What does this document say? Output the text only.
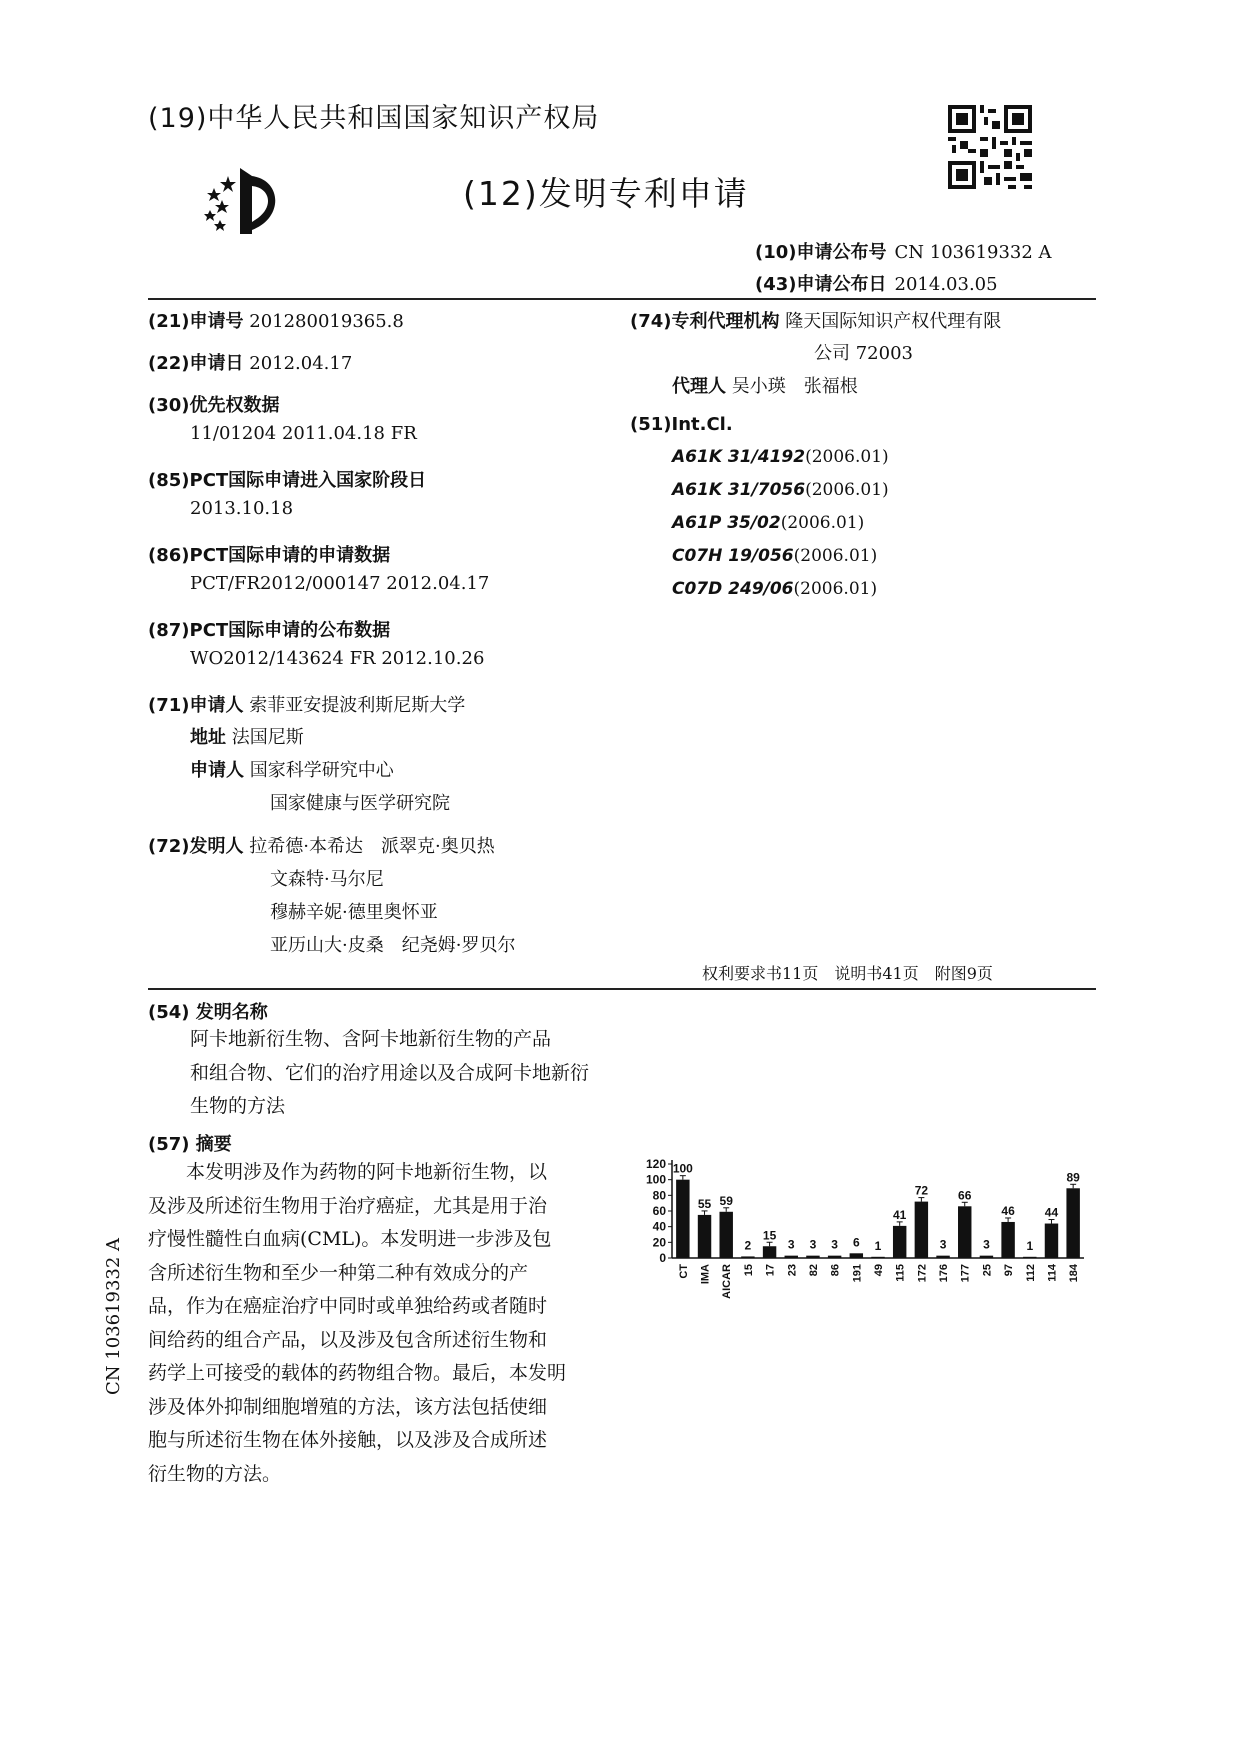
(19)中华人民共和国国家知识产权局
(12)发明专利申请
(10)申请公布号 CN 103619332 A
(43)申请公布日 2014.03.05
(21)申请号 201280019365.8
(22)申请日 2012.04.17
(30)优先权数据
11/01204 2011.04.18 FR
(85)PCT国际申请进入国家阶段日
2013.10.18
(86)PCT国际申请的申请数据
PCT/FR2012/000147 2012.04.17
(87)PCT国际申请的公布数据
WO2012/143624 FR 2012.10.26
(71)申请人 索菲亚安提波利斯尼斯大学
地址 法国尼斯
申请人 国家科学研究中心
国家健康与医学研究院
(72)发明人 拉希德·本希达　派翠克·奥贝热
文森特·马尔尼
穆赫辛妮·德里奥怀亚
亚历山大·皮桑　纪尧姆·罗贝尔
(74)专利代理机构 隆天国际知识产权代理有限
公司 72003
代理人 吴小瑛　张福根
(51)Int.Cl.
A61K 31/4192(2006.01)
A61K 31/7056(2006.01)
A61P 35/02(2006.01)
C07H 19/056(2006.01)
C07D 249/06(2006.01)
权利要求书11页　说明书41页　附图9页
(54) 发明名称
阿卡地新衍生物、含阿卡地新衍生物的产品
和组合物、它们的治疗用途以及合成阿卡地新衍
生物的方法
(57) 摘要
　　本发明涉及作为药物的阿卡地新衍生物，以
及涉及所述衍生物用于治疗癌症，尤其是用于治
疗慢性髓性白血病(CML)。本发明进一步涉及包
含所述衍生物和至少一种第二种有效成分的产
品，作为在癌症治疗中同时或单独给药或者随时
间给药的组合产品，以及涉及包含所述衍生物和
药学上可接受的载体的药物组合物。最后，本发明
涉及体外抑制细胞增殖的方法，该方法包括使细
胞与所述衍生物在体外接触，以及涉及合成所述
衍生物的方法。
CN 103619332 A	0
20
40
60
80
100
120 100
CT
55
IMA
59
AICAR
2
15
15
17
3
23
3
82
3
86
6
191
1
49
41
115
72
172
3
176
66
177
3
25
46
97
1
112
44
114
89
184
